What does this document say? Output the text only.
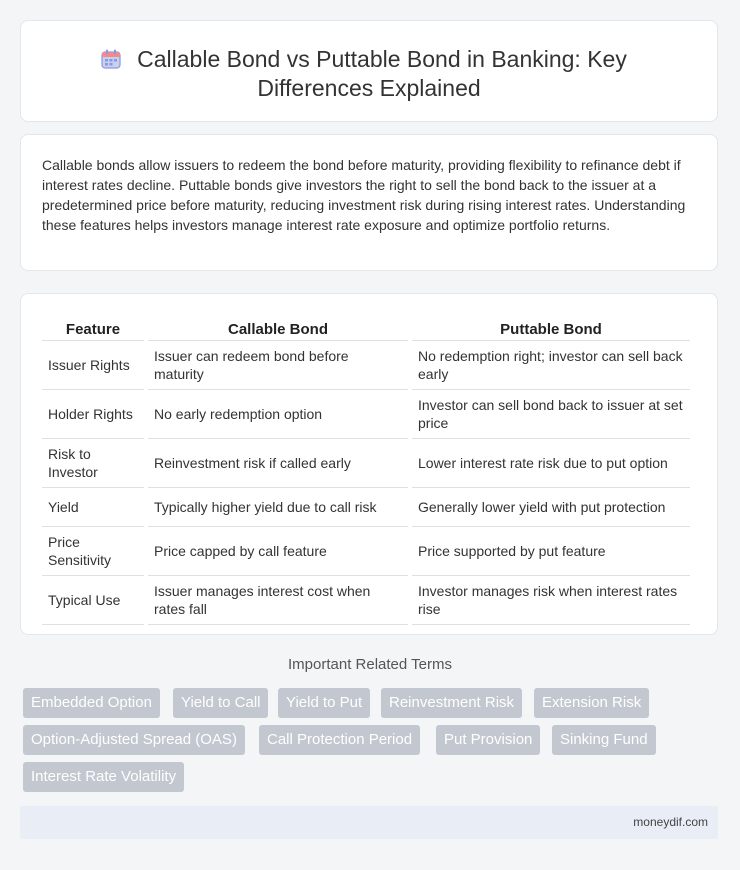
Callable Bond vs Puttable Bond in Banking: Key
Differences Explained

Callable bonds allow issuers to redeem the bond before maturity, providing flexibility to refinance debt if interest rates decline. Puttable bonds give investors the right to sell the bond back to the issuer at a predetermined price before maturity, reducing investment risk during rising interest rates. Understanding these features helps investors manage interest rate exposure and optimize portfolio returns.

Feature	Callable Bond	Puttable Bond
Issuer Rights	Issuer can redeem bond before maturity	No redemption right; investor can sell back early
Holder Rights	No early redemption option	Investor can sell bond back to issuer at set price
Risk to Investor	Reinvestment risk if called early	Lower interest rate risk due to put option
Yield	Typically higher yield due to call risk	Generally lower yield with put protection
Price Sensitivity	Price capped by call feature	Price supported by put feature
Typical Use	Issuer manages interest cost when rates fall	Investor manages risk when interest rates rise
Important Related Terms
Embedded Option	Yield to Call	Yield to Put	Reinvestment Risk	Extension Risk
Option-Adjusted Spread (OAS)	Call Protection Period	Put Provision	Sinking Fund
Interest Rate Volatility
moneydif.com
